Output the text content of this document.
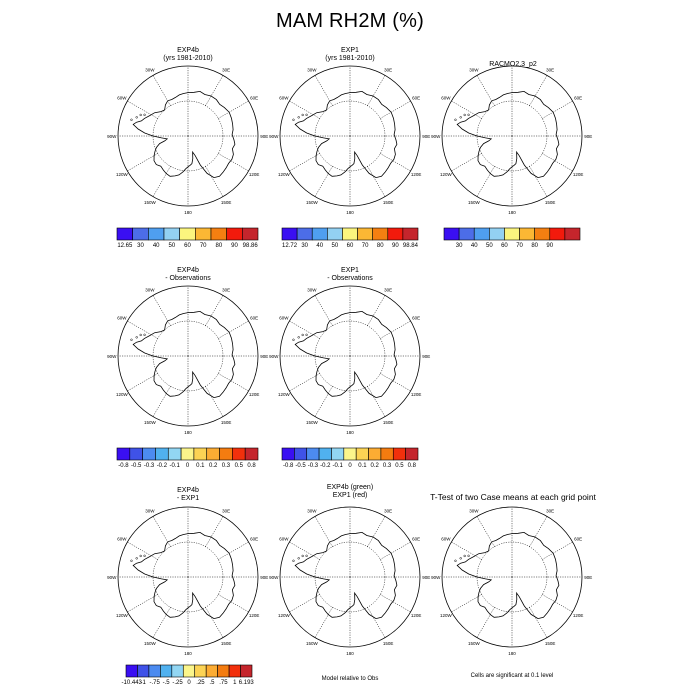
MAM RH2M (%)
EXP4b
(yrs 1981-2010)
EXP1
(yrs 1981-2010)
RACMO2.3_p2
EXP4b
- Observations
EXP1
- Observations
EXP4b
- EXP1
EXP4b (green)
EXP1 (red)	T-Test of two Case means at each grid point
30E
60E
90E
120E
150E
180
150W
120W
90W
60W
30W	30E
60E
90E
120E
150E
180
150W
120W
90W
60W
30W	30E
60E
90E
120E
150E
180
150W
120W
90W
60W
30W
30E
60E
90E
120E
150E
180
150W
120W
90W
60W
30W	30E
60E
90E
120E
150E
180
150W
120W
90W
60W
30W
30E
60E
90E
120E
150E
180
150W
120W
90W
60W
30W	30E
60E
90E
120E
150E
180
150W
120W
90W
60W
30W	30E
60E
90E
120E
150E
180
150W
120W
90W
60W
30W
Model relative to Obs	Cells are significant at 0.1 level
12.65 30 40 50 60 70 80 90 98.86	12.72 30 40 50 60 70 80 90 98.84	30 40 50 60 70 80 90
-0.8 -0.5 -0.3 -0.2 -0.1 0 0.1 0.2 0.3 0.5 0.8	-0.8 -0.5 -0.3 -0.2 -0.1 0 0.1 0.2 0.3 0.5 0.8
-10.443
-1 -.75 -.5 -.25 0 .25 .5 .75 1 6.193
